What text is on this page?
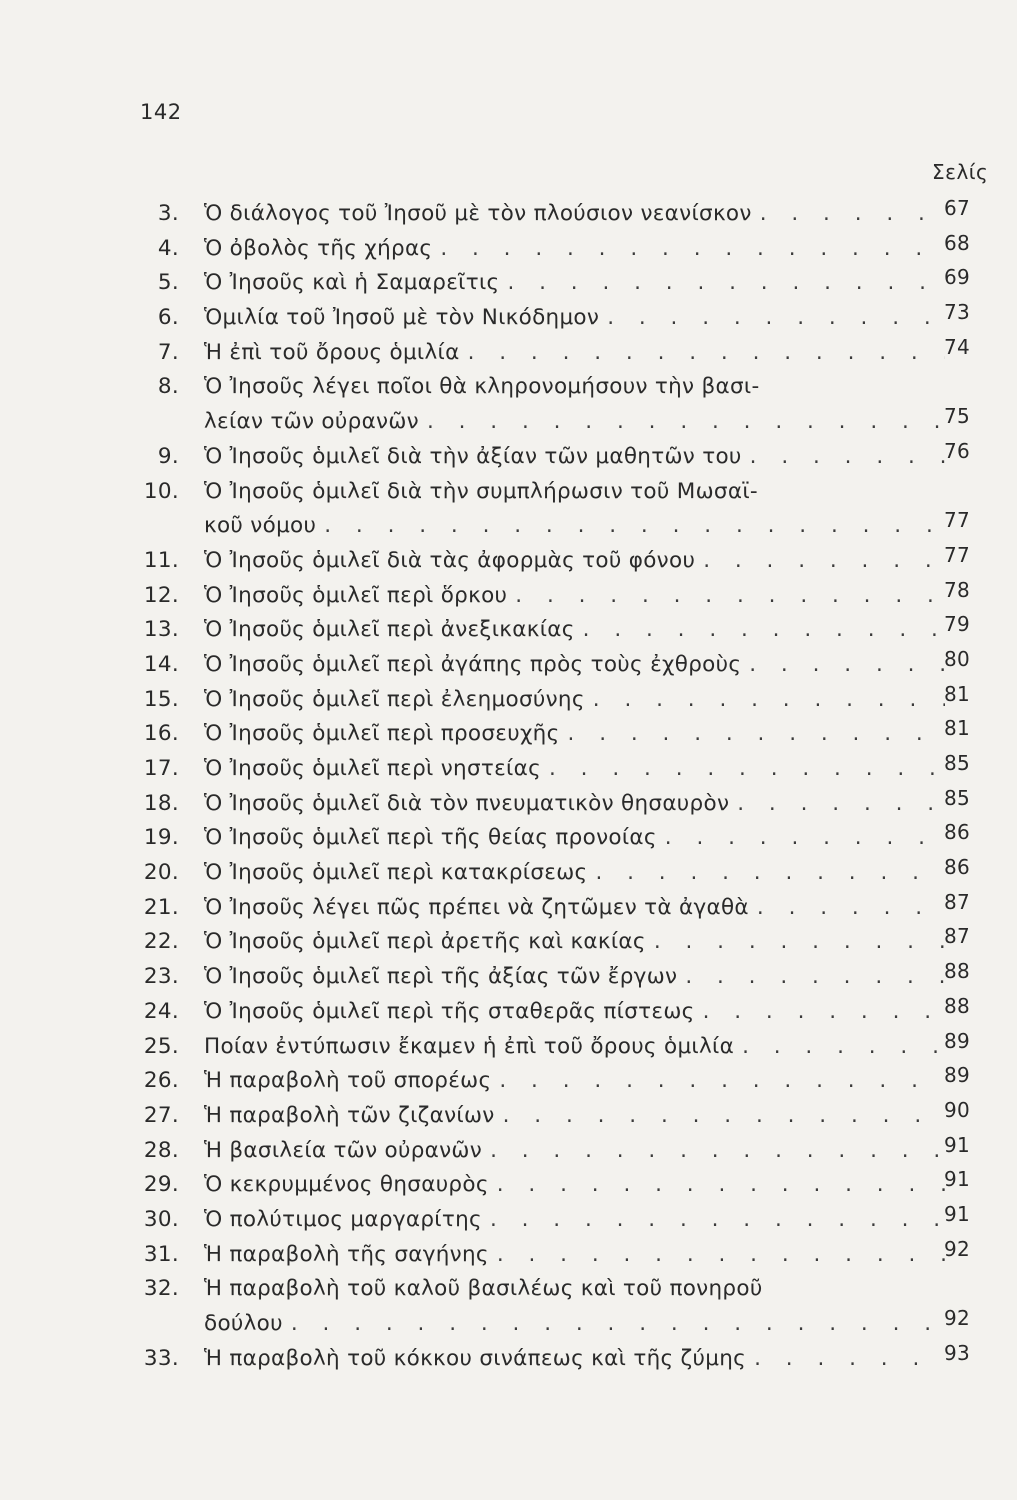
142
Σελίς
3. Ὁ διάλογος τοῦ Ἰησοῦ μὲ τὸν πλούσιον νεανίσκον . . .	67
4. Ὁ ὀβολὸς τῆς χήρας . . .	68
5. Ὁ Ἰησοῦς καὶ ἡ Σαμαρεῖτις . . .	69
6. Ὁμιλία τοῦ Ἰησοῦ μὲ τὸν Νικόδημον . . .	73
7. Ἡ ἐπὶ τοῦ ὄρους ὁμιλία . . .	74
8. Ὁ Ἰησοῦς λέγει ποῖοι θὰ κληρονομήσουν τὴν βασι-
λείαν τῶν οὐρανῶν . . .	75
9. Ὁ Ἰησοῦς ὁμιλεῖ διὰ τὴν ἀξίαν τῶν μαθητῶν του . . .	76
10. Ὁ Ἰησοῦς ὁμιλεῖ διὰ τὴν συμπλήρωσιν τοῦ Μωσαϊ-
κοῦ νόμου . . .	77
11. Ὁ Ἰησοῦς ὁμιλεῖ διὰ τὰς ἀφορμὰς τοῦ φόνου . . .	77
12. Ὁ Ἰησοῦς ὁμιλεῖ περὶ ὅρκου . . .	78
13. Ὁ Ἰησοῦς ὁμιλεῖ περὶ ἀνεξικακίας . . .	79
14. Ὁ Ἰησοῦς ὁμιλεῖ περὶ ἀγάπης πρὸς τοὺς ἐχθροὺς . . .	80
15. Ὁ Ἰησοῦς ὁμιλεῖ περὶ ἐλεημοσύνης . . .	81
16. Ὁ Ἰησοῦς ὁμιλεῖ περὶ προσευχῆς . . .	81
17. Ὁ Ἰησοῦς ὁμιλεῖ περὶ νηστείας . . .	85
18. Ὁ Ἰησοῦς ὁμιλεῖ διὰ τὸν πνευματικὸν θησαυρὸν . . .	85
19. Ὁ Ἰησοῦς ὁμιλεῖ περὶ τῆς θείας προνοίας . . .	86
20. Ὁ Ἰησοῦς ὁμιλεῖ περὶ κατακρίσεως . . .	86
21. Ὁ Ἰησοῦς λέγει πῶς πρέπει νὰ ζητῶμεν τὰ ἀγαθὰ . . .	87
22. Ὁ Ἰησοῦς ὁμιλεῖ περὶ ἀρετῆς καὶ κακίας . . .	87
23. Ὁ Ἰησοῦς ὁμιλεῖ περὶ τῆς ἀξίας τῶν ἔργων . . .	88
24. Ὁ Ἰησοῦς ὁμιλεῖ περὶ τῆς σταθερᾶς πίστεως . . .	88
25. Ποίαν ἐντύπωσιν ἔκαμεν ἡ ἐπὶ τοῦ ὄρους ὁμιλία . . .	89
26. Ἡ παραβολὴ τοῦ σπορέως . . .	89
27. Ἡ παραβολὴ τῶν ζιζανίων . . .	90
28. Ἡ βασιλεία τῶν οὐρανῶν . . .	91
29. Ὁ κεκρυμμένος θησαυρὸς . . .	91
30. Ὁ πολύτιμος μαργαρίτης . . .	91
31. Ἡ παραβολὴ τῆς σαγήνης . . .	92
32. Ἡ παραβολὴ τοῦ καλοῦ βασιλέως καὶ τοῦ πονηροῦ
δούλου . . .	92
33. Ἡ παραβολὴ τοῦ κόκκου σινάπεως καὶ τῆς ζύμης . . .	93
